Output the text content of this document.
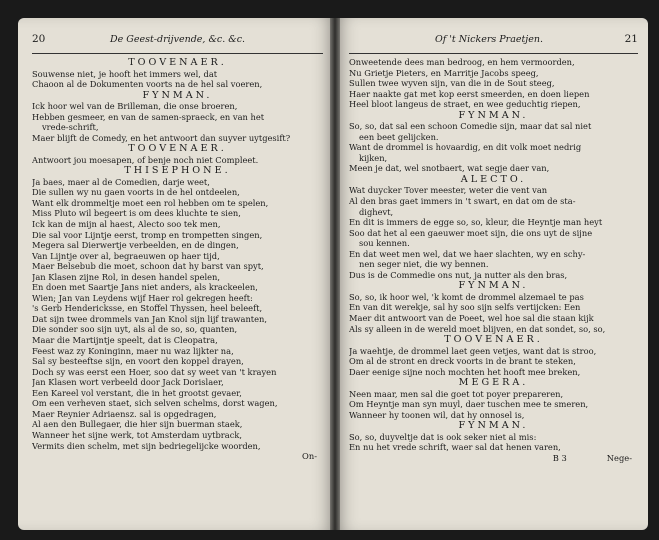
20	De Geest-drijvende, &c. &c.
TOOVENAER.
Souwense niet, je hooft het immers wel, dat
Chaoon al de Dokumenten voorts na de hel sal voeren,
FYNMAN.
Ick hoor wel van de Brilleman, die onse broeren,
Hebben gesmeer, en van de samen-spraeck, en van het
vrede-schrift,
Maer blijft de Comedy, en het antwoort dan suyver uytgesift?
TOOVENAER.
Antwoort jou moesapen, of benje noch niet Compleet.
THISEPHONE.
Ja baes, maer al de Comedien, darje weet,
Die sullen wy nu gaen voorts in de hel ontdeelen,
Want elk drommeltje moet een rol hebben om te spelen,
Miss Pluto wil begeert is om dees kluchte te sien,
Ick kan de mijn al haest, Alecto soo tek men,
Die sal voor Lijntje eerst, tromp en trompetten singen,
Megera sal Dierwertje verbeelden, en de dingen,
Van Lijntje over al, begraeuwen op haer tijd,
Maer Belsebub die moet, schoon dat hy barst van spyt,
Jan Klasen zijne Rol, in desen handel spelen,
En doen met Saartje Jans niet anders, als krackeelen,
Wien; Jan van Leydens wijf Haer rol gekregen heeft:
's Gerb Hendericksse, en Stoffel Thyssen, heel beleeft,
Dat sijn twee drommels van Jan Knol sijn lijf trawanten,
Die sonder soo sijn uyt, als al de so, so, quanten,
Maar die Martijntje speelt, dat is Cleopatra,
Feest waz zy Koninginn, maer nu waz lijkter na,
Sal sy besteeftse sijn, en voort den koppel drayen,
Doch sy was eerst een Hoer, soo dat sy weet van 't krayen
Jan Klasen wort verbeeld door Jack Dorislaer,
Een Kareel vol verstant, die in het grootst gevaer,
Om een verheven staet, sich selven schelms, dorst wagen,
Maer Reynier Adriaensz. sal is opgedragen,
Al aen den Bullegaer, die hier sijn buerman staek,
Wanneer het sijne werk, tot Amsterdam uytbrack,
Vermits dien schelm, met sijn bedriegelijcke woorden,
On-
Of 't Nickers Praetjen.	21
Onweetende dees man bedroog, en hem vermoorden,
Nu Grietje Pieters, en Marritje Jacobs speeg,
Sullen twee wyven sijn, van die in de Sout steeg,
Haer naakte gat met kop eerst smeerden, en doen liepen
Heel bloot langeus de straet, en wee geduchtig riepen,
FYNMAN.
So, so, dat sal een schoon Comedie sijn, maar dat sal niet
een beet gelijcken.
Want de drommel is hovaardig, en dit volk moet nedrig
kijken,
Meen je dat, wel snotbaert, wat segje daer van,
ALECTO.
Wat duycker Tover meester, weter die vent van
Al den bras gaet immers in 't swart, en dat om de sta-
dighevt,
En dit is immers de egge so, so, kleur, die Heyntje man heyt
Soo dat het al een gaeuwer moet sijn, die ons uyt de sijne
sou kennen.
En dat weet men wel, dat we haer slachten, wy en schy-
nen seger niet, die wy bennen.
Dus is de Commedie ons nut, ja nutter als den bras,
FYNMAN.
So, so, ik hoor wel, 'k komt de drommel alzemael te pas
En van dit werekje, sal hy soo sijn selfs vertijcken: Een
Maer dit antwoort van de Poeet, wel hoe sal die staan kijk
Als sy alleen in de wereld moet blijven, en dat sondet, so, so,
TOOVENAER.
Ja waehtje, de drommel laet geen vetjes, want dat is stroo,
Om al de stront en dreck voorts in de brant te steken,
Daer eenige sijne noch mochten het hooft mee breken,
MEGERA.
Neen maar, men sal die goet tot poyer prepareren,
Om Heyntje man syn muyl, daer tuschen mee te smeren,
Wanneer hy toonen wil, dat hy onnosel is,
FYNMAN.
So, so, duyveltje dat is ook seker niet al mis:
En nu het vrede schrift, waer sal dat henen varen,
B 3	Nege-
